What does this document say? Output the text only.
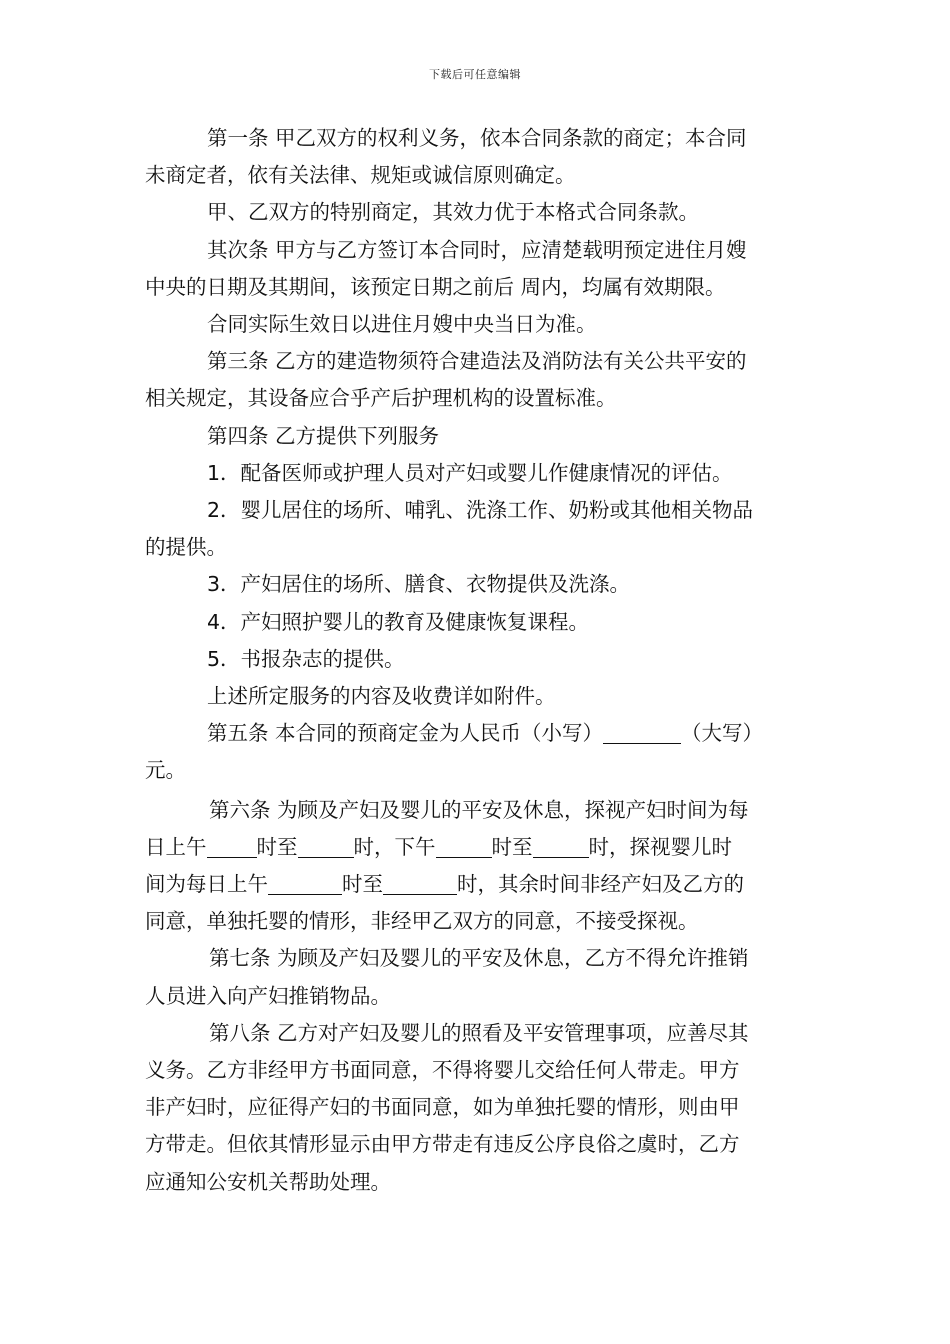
下载后可任意编辑
第一条 甲乙双方的权利义务，依本合同条款的商定；本合同
未商定者，依有关法律、规矩或诚信原则确定。
甲、乙双方的特别商定，其效力优于本格式合同条款。
其次条 甲方与乙方签订本合同时，应清楚载明预定进住月嫂
中央的日期及其期间，该预定日期之前后 周内，均属有效期限。
合同实际生效日以进住月嫂中央当日为准。
第三条 乙方的建造物须符合建造法及消防法有关公共平安的
相关规定，其设备应合乎产后护理机构的设置标准。
第四条 乙方提供下列服务
1．配备医师或护理人员对产妇或婴儿作健康情况的评估。
2．婴儿居住的场所、哺乳、洗涤工作、奶粉或其他相关物品
的提供。
3．产妇居住的场所、膳食、衣物提供及洗涤。
4．产妇照护婴儿的教育及健康恢复课程。
5．书报杂志的提供。
上述所定服务的内容及收费详如附件。
第五条 本合同的预商定金为人民币（小写）	（大写）
元。
第六条 为顾及产妇及婴儿的平安及休息，探视产妇时间为每
日上午 时至	时，下午	时至	时，探视婴儿时
间为每日上午	时至	时，其余时间非经产妇及乙方的
同意，单独托婴的情形，非经甲乙双方的同意，不接受探视。
第七条 为顾及产妇及婴儿的平安及休息，乙方不得允许推销
人员进入向产妇推销物品。
第八条 乙方对产妇及婴儿的照看及平安管理事项，应善尽其
义务。乙方非经甲方书面同意，不得将婴儿交给任何人带走。甲方
非产妇时，应征得产妇的书面同意，如为单独托婴的情形，则由甲
方带走。但依其情形显示由甲方带走有违反公序良俗之虞时，乙方
应通知公安机关帮助处理。
